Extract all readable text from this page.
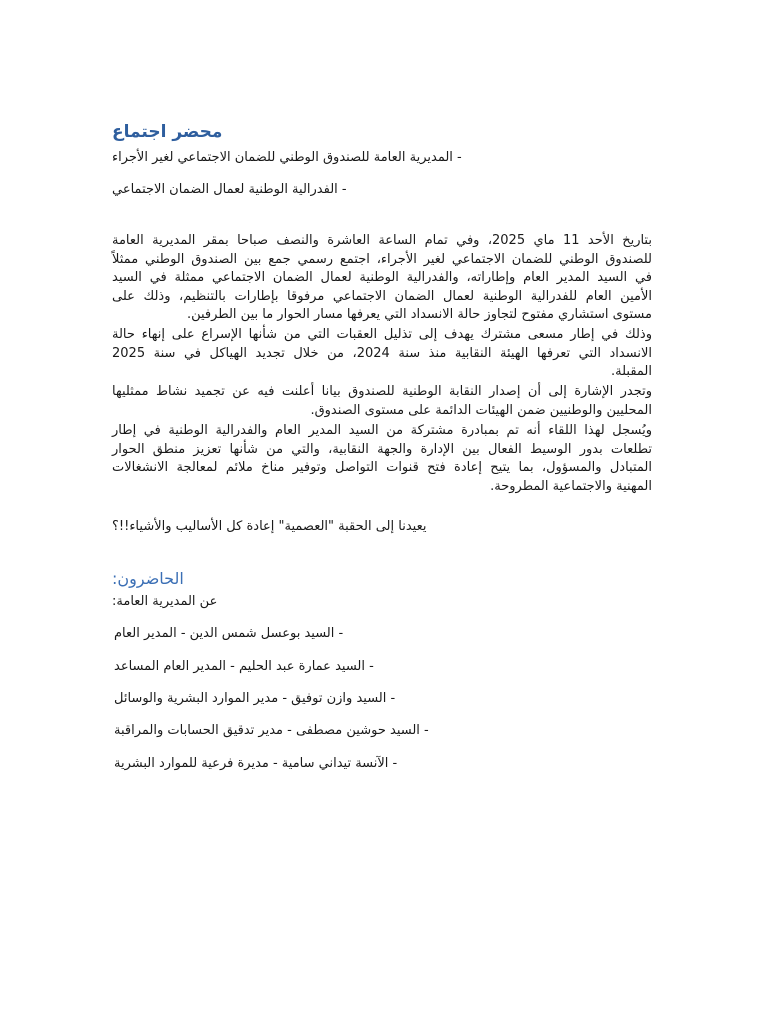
محضر اجتماع
- المديرية العامة للصندوق الوطني للضمان الاجتماعي لغير الأجراء
- الفدرالية الوطنية لعمال الضمان الاجتماعي
بتاريخ الأحد 11 ماي 2025، وفي تمام الساعة العاشرة والنصف صباحا بمقر المديرية العامة
للصندوق الوطني للضمان الاجتماعي لغير الأجراء، اجتمع رسمي جمع بين الصندوق الوطني ممثلاً
في السيد المدير العام وإطاراته، والفدرالية الوطنية لعمال الضمان الاجتماعي ممثلة في السيد
الأمين العام للفدرالية الوطنية لعمال الضمان الاجتماعي مرفوقا بإطارات بالتنظيم، وذلك على
مستوى استشاري مفتوح لتجاوز حالة الانسداد التي يعرفها مسار الحوار ما بين الطرفين.
وذلك في إطار مسعى مشترك يهدف إلى تذليل العقبات التي من شأنها الإسراع على إنهاء حالة
الانسداد التي تعرفها الهيئة النقابية منذ سنة 2024، من خلال تجديد الهياكل في سنة 2025
المقبلة.
وتجدر الإشارة إلى أن إصدار النقابة الوطنية للصندوق بيانا أعلنت فيه عن تجميد نشاط ممثليها
المحليين والوطنيين ضمن الهيئات الدائمة على مستوى الصندوق.
ويُسجل لهذا اللقاء أنه تم بمبادرة مشتركة من السيد المدير العام والفدرالية الوطنية في إطار
تطلعات بدور الوسيط الفعال بين الإدارة والجهة النقابية، والتي من شأنها تعزيز منطق الحوار
المتبادل والمسؤول، بما يتيح إعادة فتح قنوات التواصل وتوفير مناخ ملائم لمعالجة الانشغالات
المهنية والاجتماعية المطروحة.
يعيدنا إلى الحقبة "العصمية" إعادة كل الأساليب والأشياء!!؟
الحاضرون:
عن المديرية العامة:
- السيد بوعسل شمس الدين - المدير العام
- السيد عمارة عبد الحليم - المدير العام المساعد
- السيد وازن توفيق - مدير الموارد البشرية والوسائل
- السيد حوشين مصطفى - مدير تدقيق الحسابات والمراقبة
- الآنسة تيداني سامية - مديرة فرعية للموارد البشرية
